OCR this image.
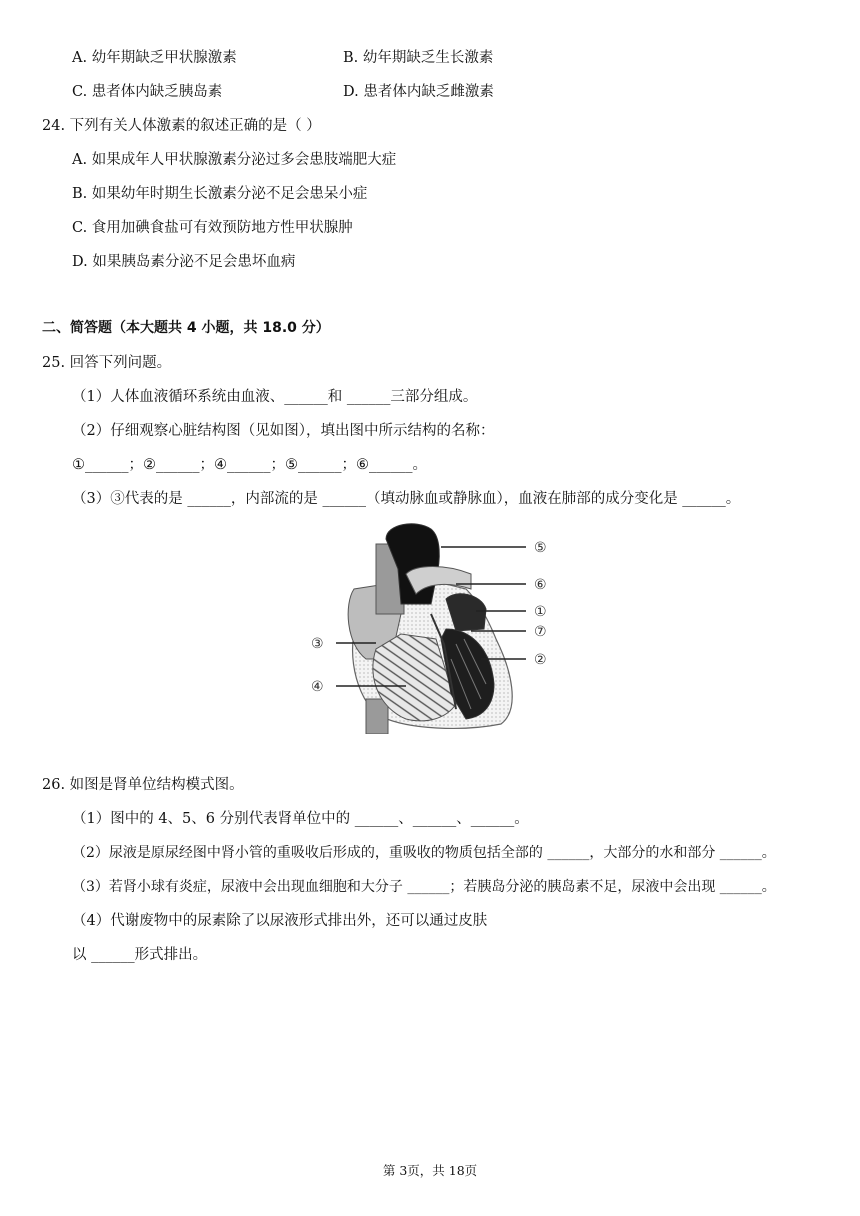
A. 幼年期缺乏甲状腺激素	B. 幼年期缺乏生长激素
C. 患者体内缺乏胰岛素	D. 患者体内缺乏雌激素
24. 下列有关人体激素的叙述正确的是（ ）
A. 如果成年人甲状腺激素分泌过多会患肢端肥大症
B. 如果幼年时期生长激素分泌不足会患呆小症
C. 食用加碘食盐可有效预防地方性甲状腺肿
D. 如果胰岛素分泌不足会患坏血病
二、简答题（本大题共 4 小题，共 18.0 分）
25. 回答下列问题。
（1）人体血液循环系统由血液、______和 ______三部分组成。
（2）仔细观察心脏结构图（见如图），填出图中所示结构的名称：
①______；②______；④______；⑤______；⑥______。
（3）③代表的是 ______，内部流的是 ______（填动脉血或静脉血），血液在肺部的成分变化是 ______。
⑤
⑥
①
⑦
②
③
④
26. 如图是肾单位结构模式图。
（1）图中的 4、5、6 分别代表肾单位中的 ______、______、______。
（2）尿液是原尿经图中肾小管的重吸收后形成的，重吸收的物质包括全部的 ______，大部分的水和部分 ______。
（3）若肾小球有炎症，尿液中会出现血细胞和大分子 ______；若胰岛分泌的胰岛素不足，尿液中会出现 ______。
（4）代谢废物中的尿素除了以尿液形式排出外，还可以通过皮肤
以 ______形式排出。
第 3页，共 18页
